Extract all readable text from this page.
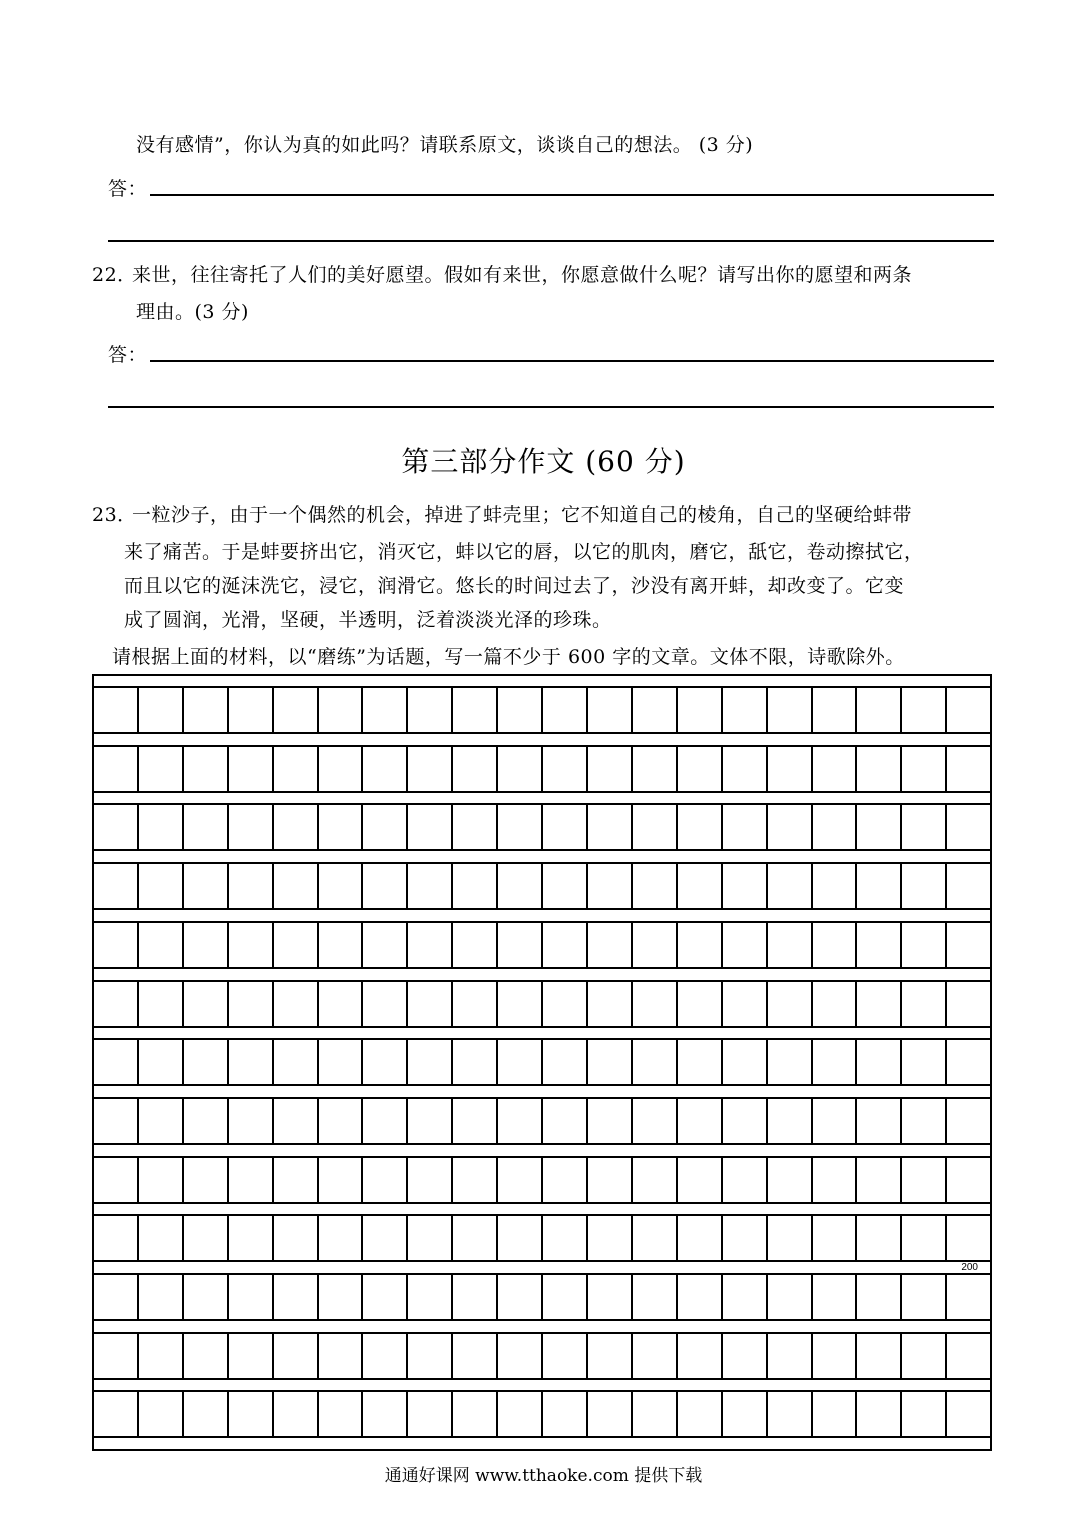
没有感情”，你认为真的如此吗？请联系原文，谈谈自己的想法。 (3 分)
答：
22．
来世，往往寄托了人们的美好愿望。假如有来世，你愿意做什么呢？请写出你的愿望和两条
理由。(3 分)
答：
第三部分作文 (60 分)
23．
一粒沙子，由于一个偶然的机会，掉进了蚌壳里；它不知道自己的棱角，自己的坚硬给蚌带
来了痛苦。于是蚌要挤出它，消灭它，蚌以它的唇，以它的肌肉，磨它，舐它，卷动擦拭它，
而且以它的涎沫洗它，浸它，润滑它。悠长的时间过去了，沙没有离开蚌，却改变了。它变
成了圆润，光滑，坚硬，半透明，泛着淡淡光泽的珍珠。
请根据上面的材料，以“磨练”为话题，写一篇不少于 600 字的文章。文体不限，诗歌除外。
200
通通好课网 www.tthaoke.com 提供下载
